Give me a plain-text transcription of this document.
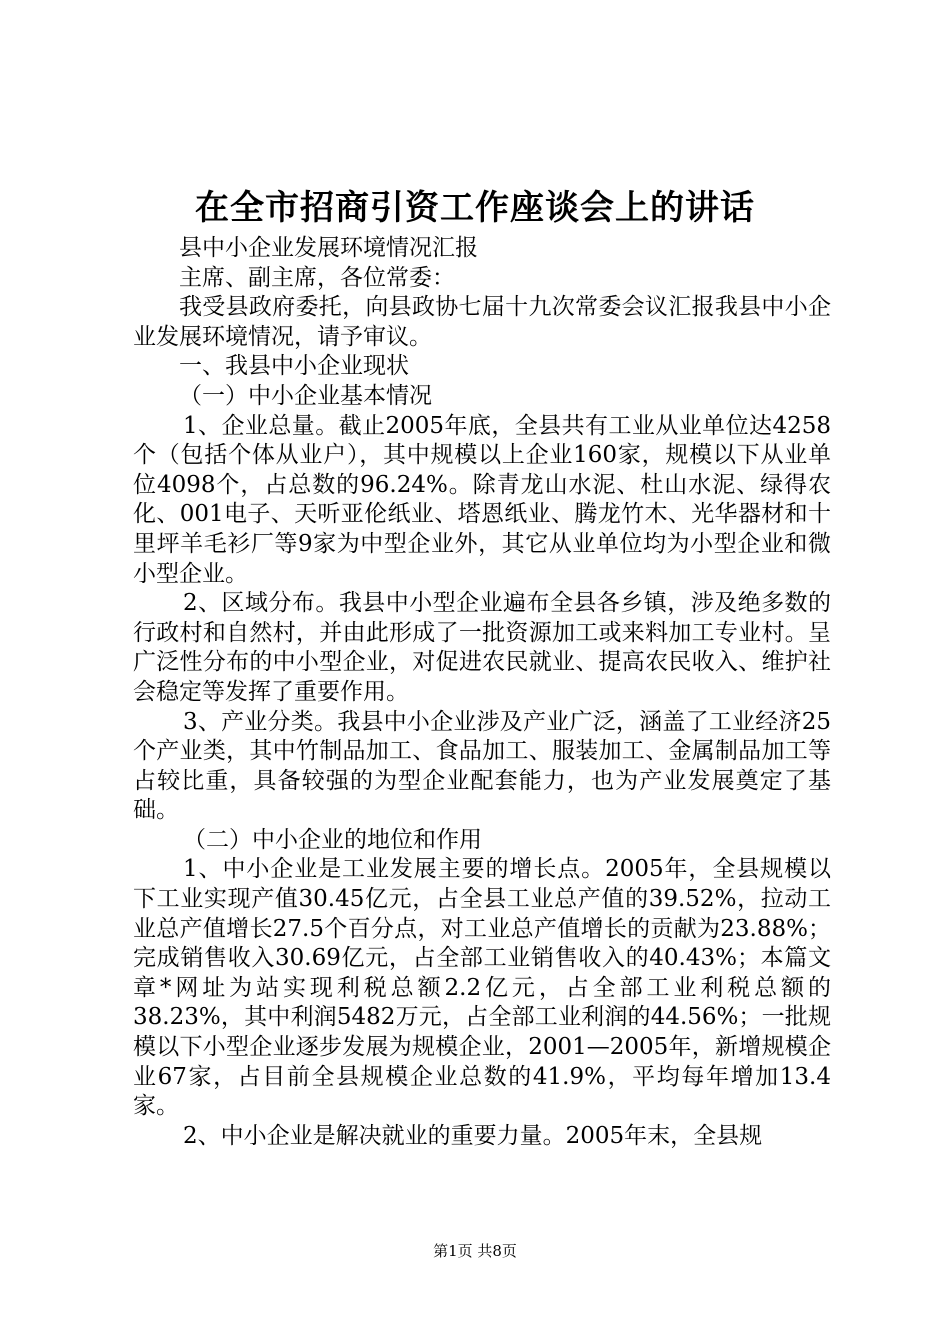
在全市招商引资工作座谈会上的讲话

县中小企业发展环境情况汇报

主席、副主席，各位常委：

我受县政府委托，向县政协七届十九次常委会议汇报我县中小企业发展环境情况，请予审议。

一、我县中小企业现状

（一）中小企业基本情况

1、企业总量。截止2005年底，全县共有工业从业单位达4258个（包括个体从业户），其中规模以上企业160家，规模以下从业单位4098个，占总数的96.24%。除青龙山水泥、杜山水泥、绿得农化、001电子、天听亚伦纸业、塔恩纸业、腾龙竹木、光华器材和十里坪羊毛衫厂等9家为中型企业外，其它从业单位均为小型企业和微小型企业。

2、区域分布。我县中小型企业遍布全县各乡镇，涉及绝多数的行政村和自然村，并由此形成了一批资源加工或来料加工专业村。呈广泛性分布的中小型企业，对促进农民就业、提高农民收入、维护社会稳定等发挥了重要作用。

3、产业分类。我县中小企业涉及产业广泛，涵盖了工业经济25个产业类，其中竹制品加工、食品加工、服装加工、金属制品加工等占较比重，具备较强的为型企业配套能力，也为产业发展奠定了基础。

（二）中小企业的地位和作用

1、中小企业是工业发展主要的增长点。2005年，全县规模以下工业实现产值30.45亿元，占全县工业总产值的39.52%，拉动工业总产值增长27.5个百分点，对工业总产值增长的贡献为23.88%；完成销售收入30.69亿元，占全部工业销售收入的40.43%；本篇文章*网址为站实现利税总额2.2亿元，占全部工业利税总额的38.23%，其中利润5482万元，占全部工业利润的44.56%；一批规模以下小型企业逐步发展为规模企业，2001—2005年，新增规模企业67家，占目前全县规模企业总数的41.9%，平均每年增加13.4家。

2、中小企业是解决就业的重要力量。2005年末，全县规

第1页 共8页
